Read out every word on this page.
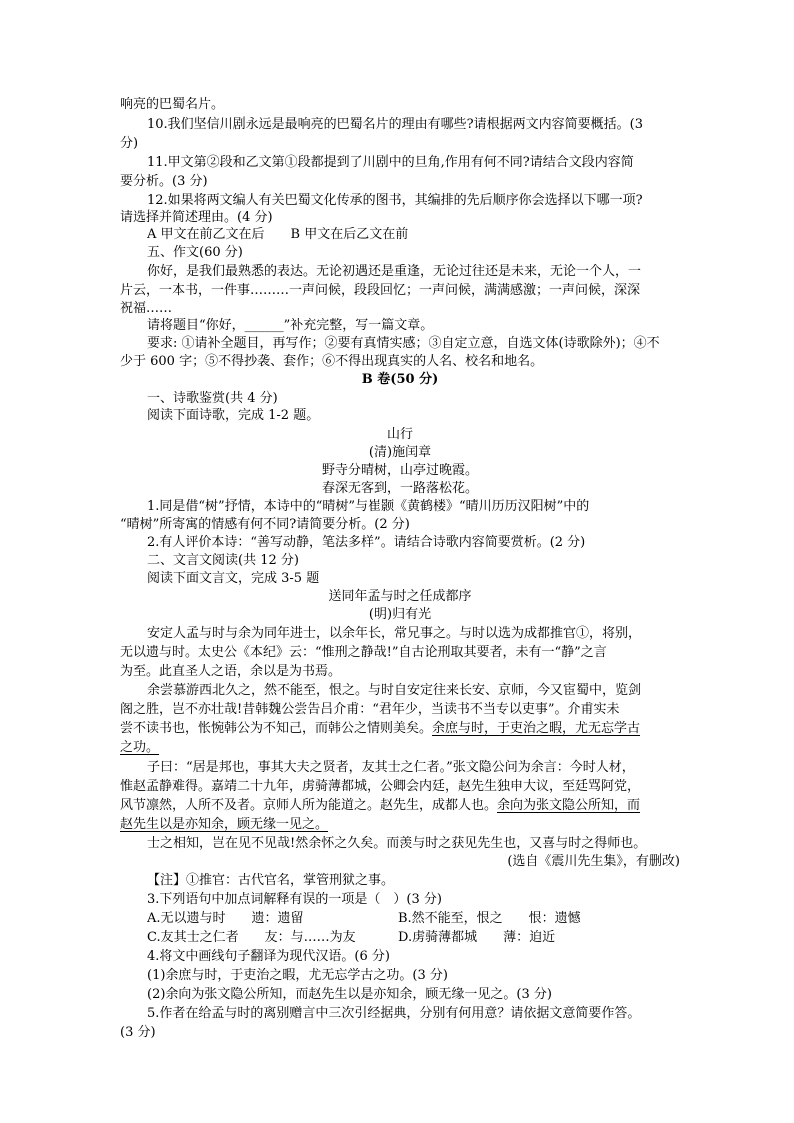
响亮的巴蜀名片。
10.我们坚信川剧永远是最响亮的巴蜀名片的理由有哪些?请根据两文内容简要概括。(3
分)
11.甲文第②段和乙文第①段都提到了川剧中的旦角,作用有何不同?请结合文段内容简
要分析。(3 分)
12.如果将两文编人有关巴蜀文化传承的图书，其编排的先后顺序你会选择以下哪一项?
请选择并简述理由。(4 分)
A 甲文在前乙文在后　　B 甲文在后乙文在前
五、作文(60 分)
你好，是我们最熟悉的表达。无论初遇还是重逢，无论过往还是未来，无论一个人，一
片云，一本书，一件事………一声问候，段段回忆；一声问候，满满感激；一声问候，深深
祝福……
请将题目“你好，______”补充完整，写一篇文章。
要求: ①请补全题目，再写作；②要有真情实感；③自定立意，自选文体(诗歌除外)；④不
少于 600 字；⑤不得抄袭、套作；⑥不得出现真实的人名、校名和地名。
B 卷(50 分)
一、诗歌鉴赏(共 4 分)
阅读下面诗歌，完成 1-2 题。
山行
(清)施闰章
野寺分晴树，山亭过晚霞。
春深无客到，一路落松花。
1.同是借“树”抒情，本诗中的“晴树”与崔颢《黄鹤楼》“晴川历历汉阳树”中的
“晴树”所寄寓的情感有何不同?请简要分析。(2 分)
2.有人评价本诗：“善写动静，笔法多样”。请结合诗歌内容简要赏析。(2 分)
二、文言文阅读(共 12 分)
阅读下面文言文，完成 3-5 题
送同年孟与时之任成都序
(明)归有光
安定人孟与时与余为同年进士，以余年长，常兄事之。与时以选为成都推官①，将别，
无以遗与时。太史公《本纪》云：“惟刑之静哉!”自古论刑取其要者，未有一“静”之言
为至。此直圣人之语，余以是为书焉。
余尝慕游西北久之，然不能至，恨之。与时自安定往来长安、京师，今又宦蜀中，览剑
阁之胜，岂不亦壮哉!昔韩魏公尝告吕介甫：“君年少，当读书不当专以吏事”。介甫实未
尝不读书也，怅惋韩公为不知己，而韩公之情则美矣。余庶与时，于吏治之暇，尤无忘学古
之功。
子曰：“居是邦也，事其大夫之贤者，友其士之仁者。”张文隐公问为余言：今时人材，
惟赵孟静难得。嘉靖二十九年，虏骑薄都城，公卿会内廷，赵先生独申大议，至廷骂阿党，
风节凛然，人所不及者。京师人所为能道之。赵先生，成都人也。余向为张文隐公所知，而
赵先生以是亦知余，顾无缘一见之。
士之相知，岂在见不见哉!然余怀之久矣。而羡与时之获见先生也，又喜与时之得师也。
(选自《震川先生集》，有删改)
【注】①推官：古代官名，掌管刑狱之事。
3.下列语句中加点词解释有误的一项是（　）(3 分)
A.无以遗与时　　遗：遗留	B.然不能至，恨之　　恨：遗憾
C.友其士之仁者　　友：与……为友	D.虏骑薄都城　　薄：迫近
4.将文中画线句子翻译为现代汉语。(6 分)
(1)余庶与时，于吏治之暇，尤无忘学古之功。(3 分)
(2)余向为张文隐公所知，而赵先生以是亦知余，顾无缘一见之。(3 分)
5.作者在给孟与时的离别赠言中三次引经据典，分别有何用意？请依据文意简要作答。
(3 分)
